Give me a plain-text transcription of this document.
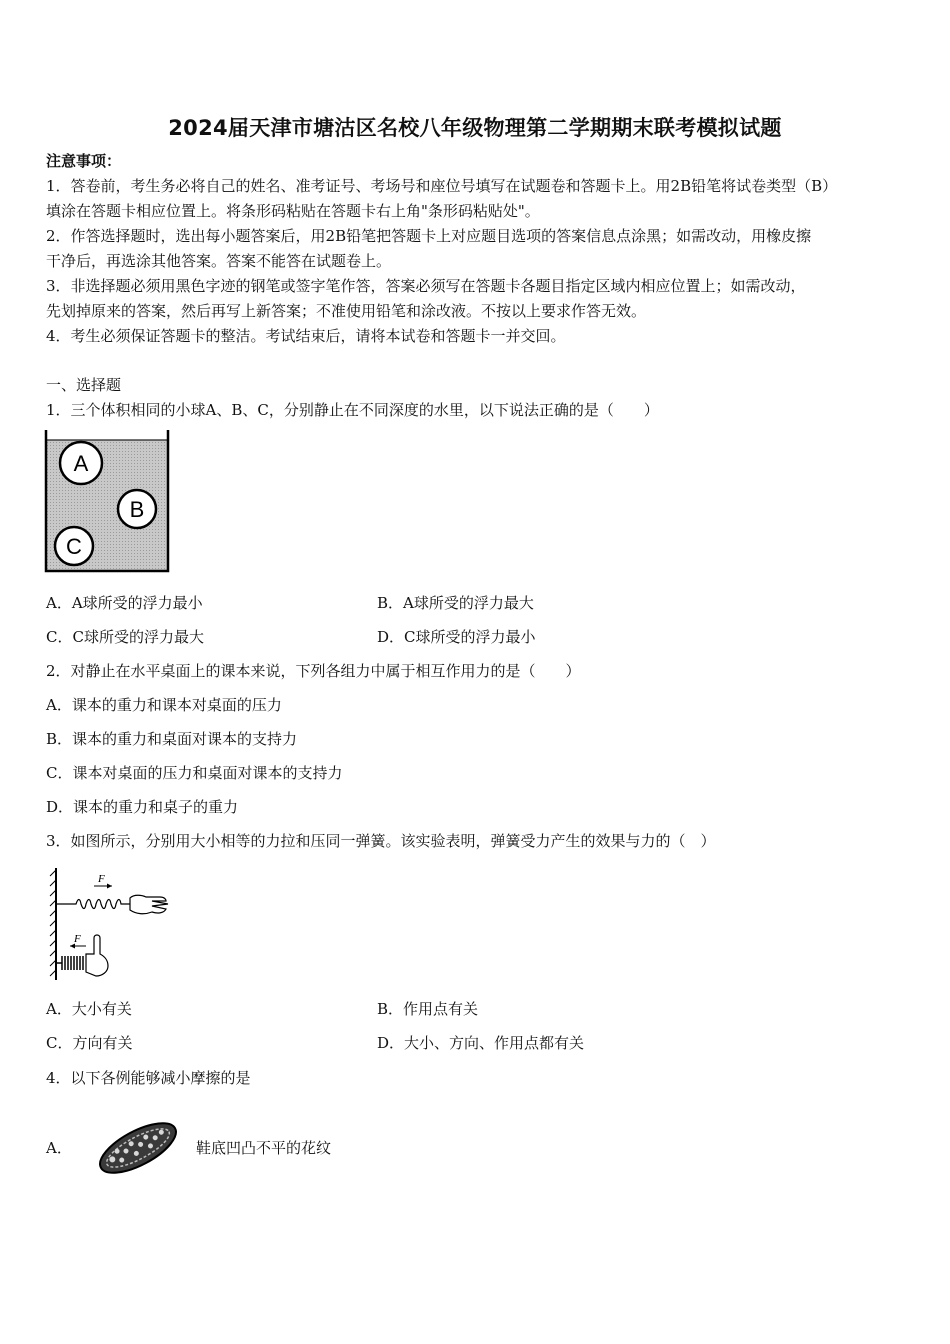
2024届天津市塘沽区名校八年级物理第二学期期末联考模拟试题
注意事项：
1．答卷前，考生务必将自己的姓名、准考证号、考场号和座位号填写在试题卷和答题卡上。用2B铅笔将试卷类型（B）
填涂在答题卡相应位置上。将条形码粘贴在答题卡右上角"条形码粘贴处"。
2．作答选择题时，选出每小题答案后，用2B铅笔把答题卡上对应题目选项的答案信息点涂黑；如需改动，用橡皮擦
干净后，再选涂其他答案。答案不能答在试题卷上。
3．非选择题必须用黑色字迹的钢笔或签字笔作答，答案必须写在答题卡各题目指定区域内相应位置上；如需改动，
先划掉原来的答案，然后再写上新答案；不准使用铅笔和涂改液。不按以上要求作答无效。
4．考生必须保证答题卡的整洁。考试结束后，请将本试卷和答题卡一并交回。
一、选择题
1．三个体积相同的小球A、B、C，分别静止在不同深度的水里，以下说法正确的是（　　）
A
B
C
A．A球所受的浮力最小	B．A球所受的浮力最大
C．C球所受的浮力最大	D．C球所受的浮力最小
2．对静止在水平桌面上的课本来说，下列各组力中属于相互作用力的是（　　）
A．课本的重力和课本对桌面的压力
B．课本的重力和桌面对课本的支持力
C．课本对桌面的压力和桌面对课本的支持力
D．课本的重力和桌子的重力
3．如图所示，分别用大小相等的力拉和压同一弹簧。该实验表明，弹簧受力产生的效果与力的（　）
F
F
A．大小有关	B．作用点有关
C．方向有关	D．大小、方向、作用点都有关
4．以下各例能够减小摩擦的是
A．	鞋底凹凸不平的花纹
